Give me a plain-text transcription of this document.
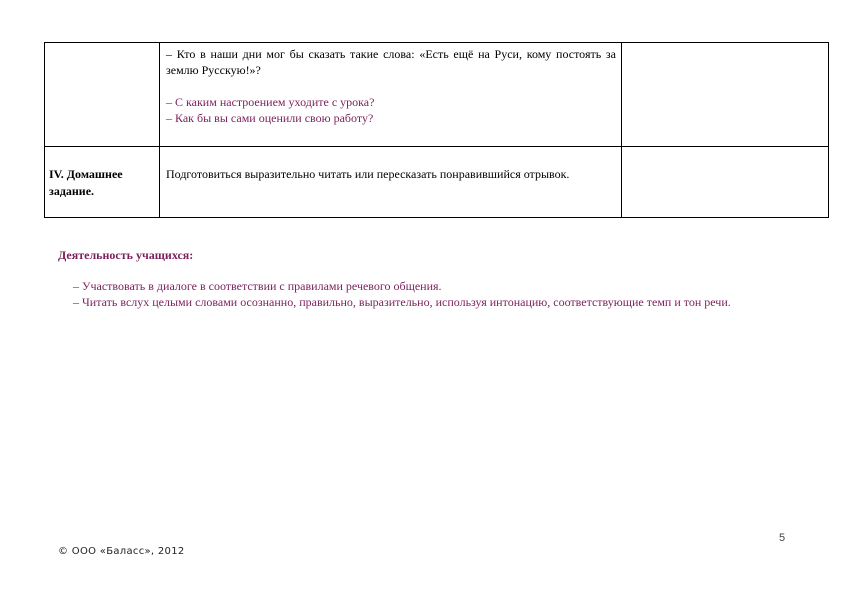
	– Кто в наши дни мог бы сказать такие слова: «Есть ещё на Руси, кому постоять за землю Русскую!»?
– С каким настроением уходите с урока?
– Как бы вы сами оценили свою работу?	

IV. Домашнее задание.	Подготовиться выразительно читать или пересказать понравившийся отрывок.	

Деятельность учащихся:
– Участвовать в диалоге в соответствии с правилами речевого общения.
– Читать вслух целыми словами осознанно, правильно, выразительно, используя интонацию, соответствующие темп и тон речи.
5
© ООО «Баласс», 2012
